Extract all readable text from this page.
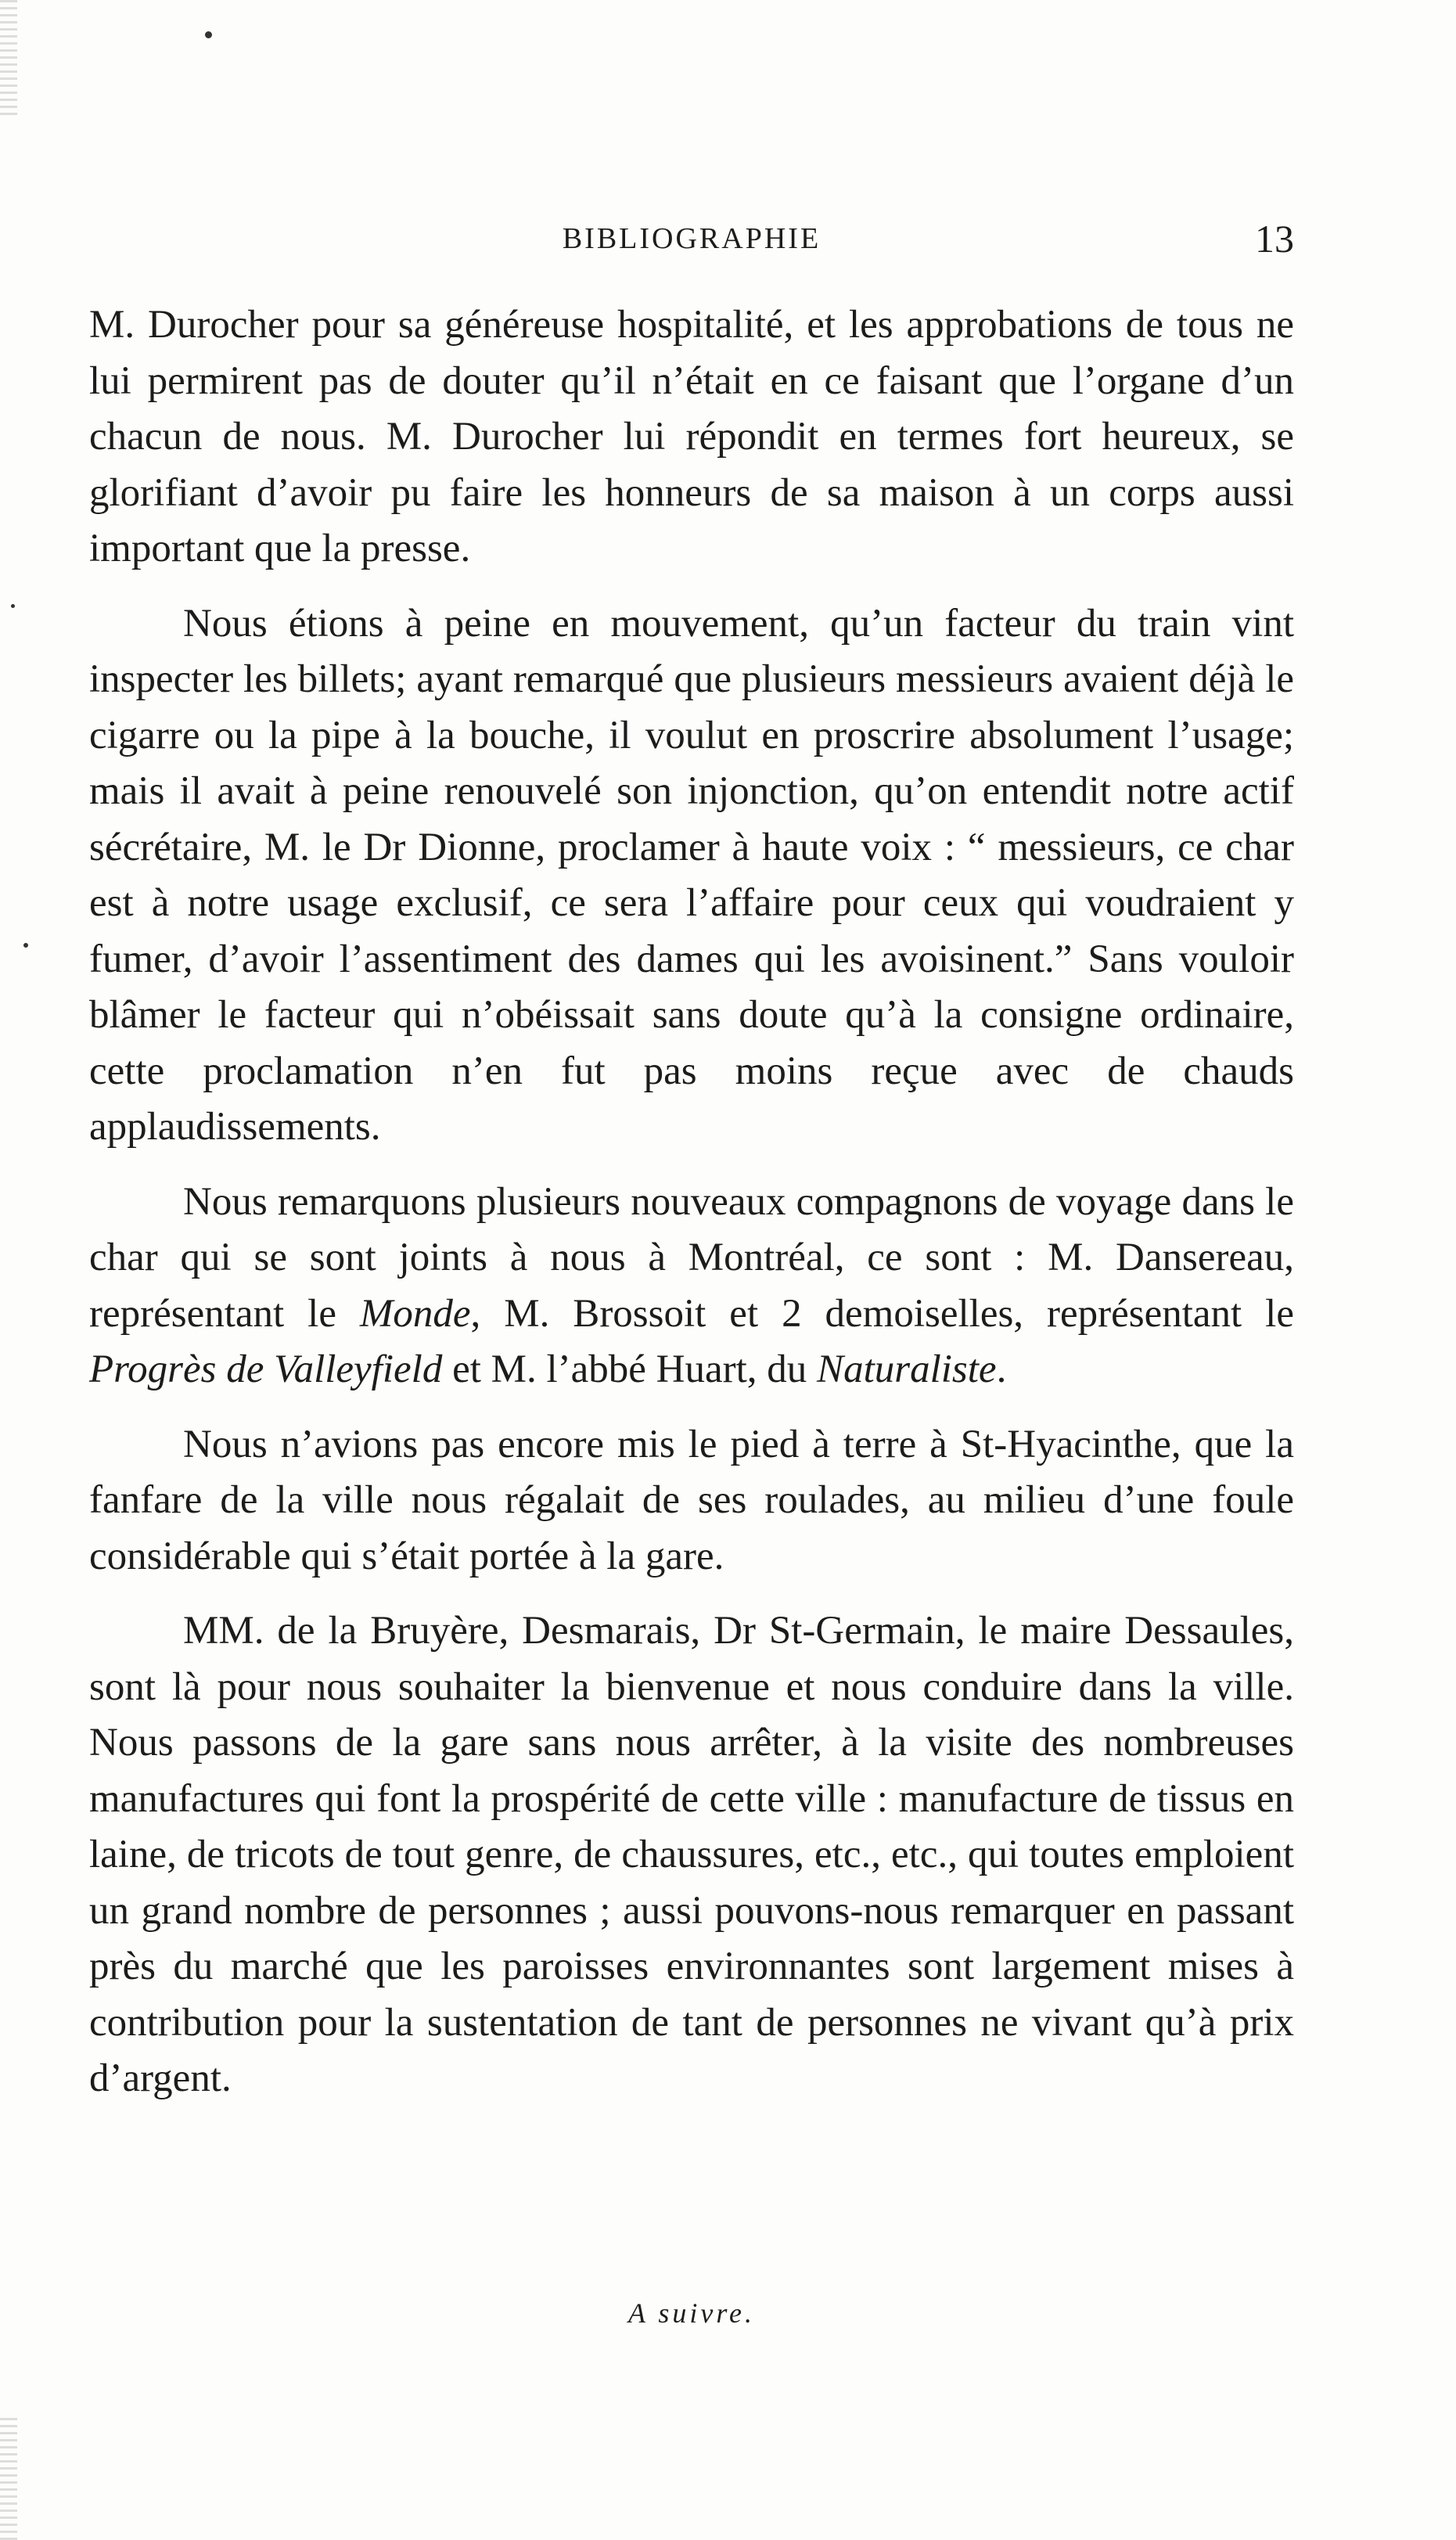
BIBLIOGRAPHIE	13

M. Durocher pour sa généreuse hospitalité, et les approbations de tous ne lui permirent pas de douter qu’il n’était en ce faisant que l’organe d’un chacun de nous. M. Durocher lui répondit en termes fort heureux, se glorifiant d’avoir pu faire les honneurs de sa maison à un corps aussi important que la presse.

Nous étions à peine en mouvement, qu’un facteur du train vint inspecter les billets; ayant remarqué que plusieurs messieurs avaient déjà le cigarre ou la pipe à la bouche, il voulut en proscrire absolument l’usage; mais il avait à peine renouvelé son injonction, qu’on entendit notre actif sécrétaire, M. le Dr Dionne, proclamer à haute voix : “ messieurs, ce char est à notre usage exclusif, ce sera l’affaire pour ceux qui voudraient y fumer, d’avoir l’assentiment des dames qui les avoisinent.” Sans vouloir blâmer le facteur qui n’obéissait sans doute qu’à la consigne ordinaire, cette proclamation n’en fut pas moins reçue avec de chauds applaudissements.

Nous remarquons plusieurs nouveaux compagnons de voyage dans le char qui se sont joints à nous à Montréal, ce sont : M. Dansereau, représentant le Monde, M. Brossoit et 2 demoiselles, représentant le Progrès de Valleyfield et M. l’abbé Huart, du Naturaliste.

Nous n’avions pas encore mis le pied à terre à St-Hyacinthe, que la fanfare de la ville nous régalait de ses roulades, au milieu d’une foule considérable qui s’était portée à la gare.

MM. de la Bruyère, Desmarais, Dr St-Germain, le maire Dessaules, sont là pour nous souhaiter la bienvenue et nous conduire dans la ville. Nous passons de la gare sans nous arrêter, à la visite des nombreuses manufactures qui font la prospérité de cette ville : manufacture de tissus en laine, de tricots de tout genre, de chaussures, etc., etc., qui toutes emploient un grand nombre de personnes ; aussi pouvons-nous remarquer en passant près du marché que les paroisses environnantes sont largement mises à contribution pour la sustentation de tant de personnes ne vivant qu’à prix d’argent.

A suivre.
